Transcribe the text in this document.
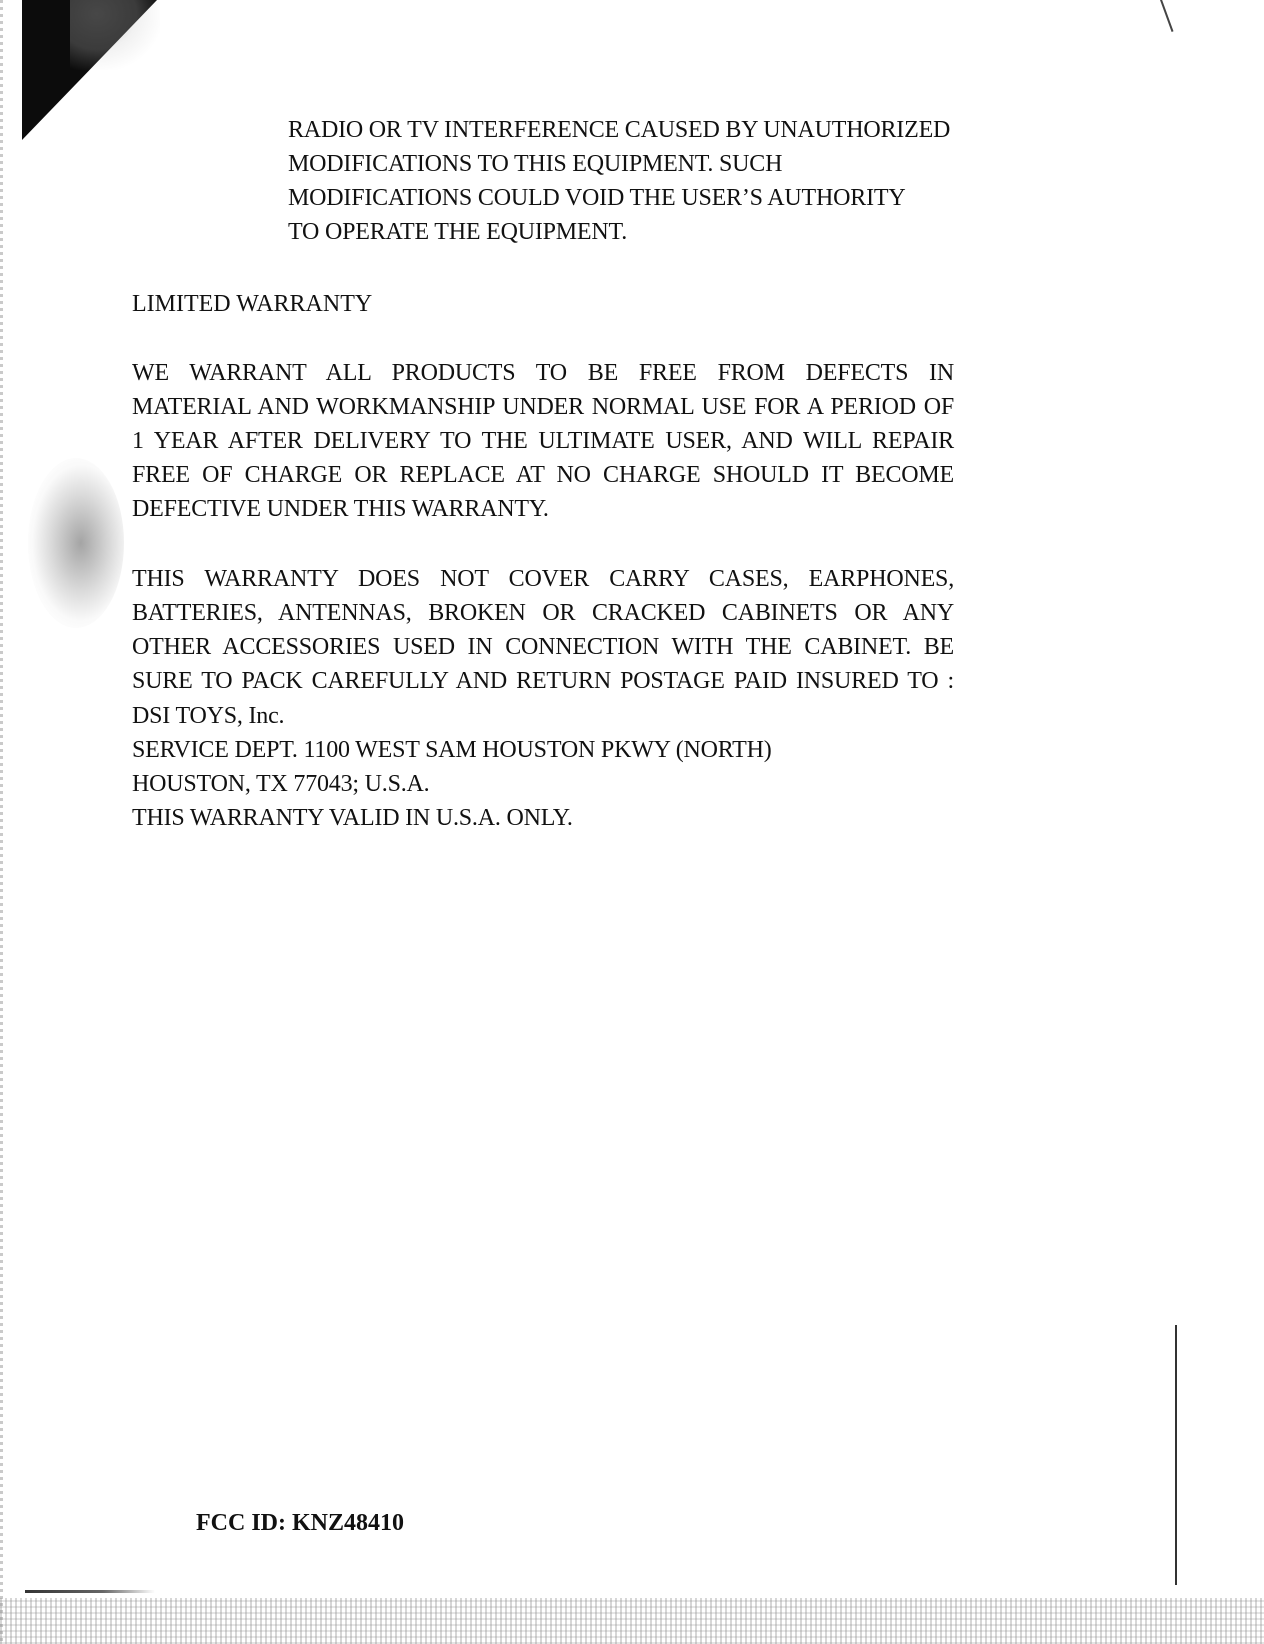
RADIO OR TV INTERFERENCE CAUSED BY UNAUTHORIZED
MODIFICATIONS TO THIS EQUIPMENT. SUCH
MODIFICATIONS COULD VOID THE USER’S AUTHORITY
TO OPERATE THE EQUIPMENT.
LIMITED WARRANTY
WE WARRANT ALL PRODUCTS TO BE FREE FROM DEFECTS IN
MATERIAL AND WORKMANSHIP UNDER NORMAL USE FOR A PERIOD OF
1 YEAR AFTER DELIVERY TO THE ULTIMATE USER, AND WILL REPAIR
FREE OF CHARGE OR REPLACE AT NO CHARGE SHOULD IT BECOME
DEFECTIVE UNDER THIS WARRANTY.
THIS WARRANTY DOES NOT COVER CARRY CASES, EARPHONES,
BATTERIES, ANTENNAS, BROKEN OR CRACKED CABINETS OR ANY
OTHER ACCESSORIES USED IN CONNECTION WITH THE CABINET. BE
SURE TO PACK CAREFULLY AND RETURN POSTAGE PAID INSURED TO :
DSI TOYS, Inc.
SERVICE DEPT. 1100 WEST SAM HOUSTON PKWY (NORTH)
HOUSTON, TX 77043; U.S.A.
THIS WARRANTY VALID IN U.S.A. ONLY.
FCC ID: KNZ48410
